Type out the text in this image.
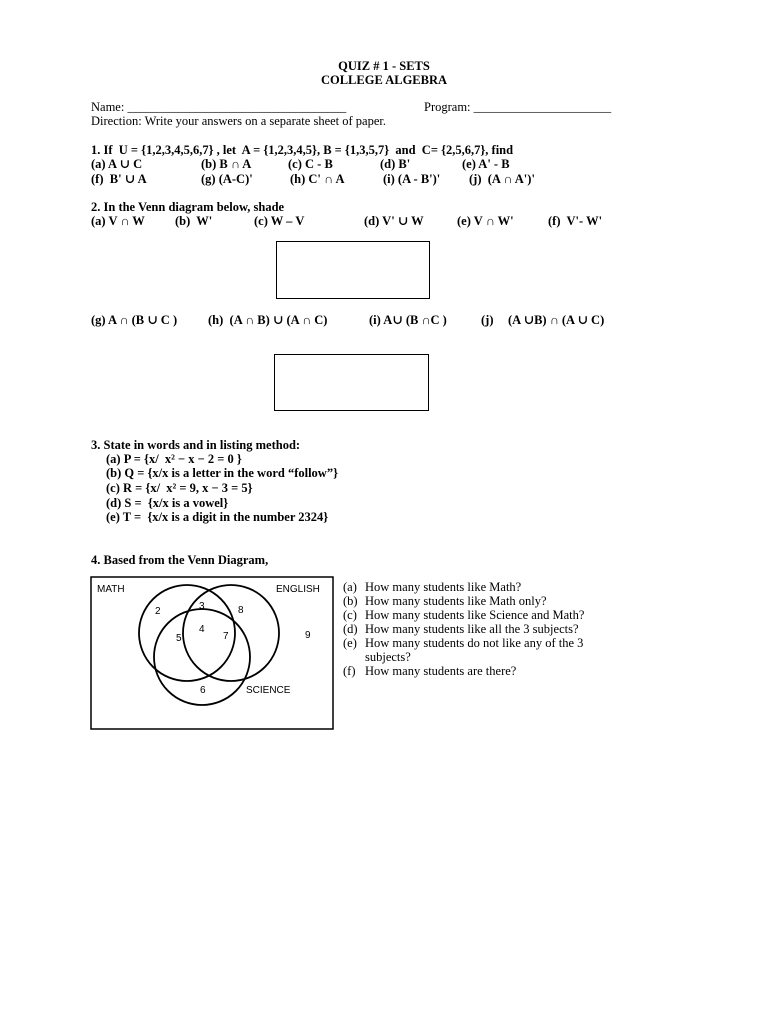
QUIZ # 1 - SETS
COLLEGE ALGEBRA
Name: ___________________________________	Program: ______________________
Direction: Write your answers on a separate sheet of paper.
1. If  U = {1,2,3,4,5,6,7} , let  A = {1,2,3,4,5}, B = {1,3,5,7}  and  C= {2,5,6,7}, find
(a) A ∪ C	(b) B ∩ A	(c) C - B	(d) B'	(e) A' - B
(f)  B' ∪ A	(g) (A-C)'	(h) C' ∩ A	(i) (A - B')' (j)  (A ∩ A')'
2. In the Venn diagram below, shade
(a) V ∩ W (b)  W'	(c) W – V	(d) V' ∪ W	(e) V ∩ W'	(f)  V'- W'
(g) A ∩ (B ∪ C ) (h)  (A ∩ B) ∪ (A ∩ C)	(i) A∪ (B ∩C )	(j) (A ∪B) ∩ (A ∪ C)
3. State in words and in listing method:
(a) P = {x/  x² − x − 2 = 0 }
(b) Q = {x/x is a letter in the word “follow”}
(c) R = {x/  x² = 9, x − 3 = 5}
(d) S =  {x/x is a vowel}
(e) T =  {x/x is a digit in the number 2324}
4. Based from the Venn Diagram,
MATH	ENGLISH
SCIENCE
2	3	8
5
4
7
6
9
(a) How many students like Math?
(b) How many students like Math only?
(c) How many students like Science and Math?
(d) How many students like all the 3 subjects?
(e) How many students do not like any of the 3
subjects?
(f) How many students are there?
